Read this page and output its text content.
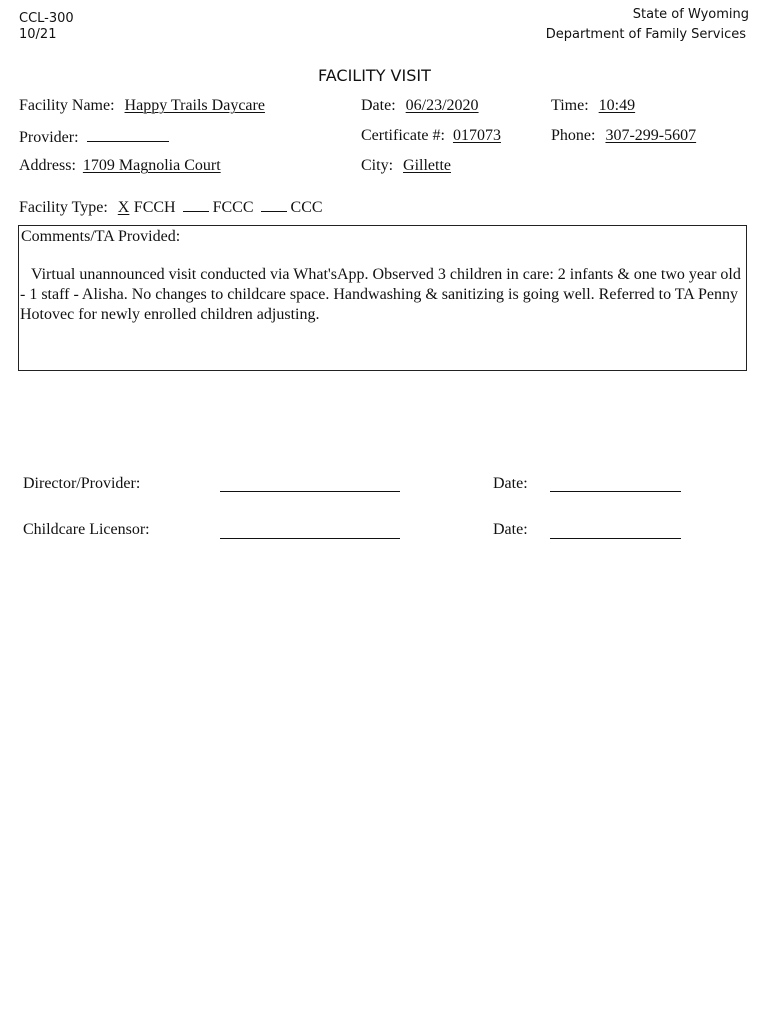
CCL-300
10/21
State of Wyoming
Department of Family Services
FACILITY VISIT
Facility Name: Happy Trails Daycare	Date: 06/23/2020	Time: 10:49
Provider:	Certificate #: 017073	Phone: 307-299-5607
Address: 1709 Magnolia Court	City: Gillette
Facility Type: X FCCH FCCC CCC
Comments/TA Provided:
Virtual unannounced visit conducted via What'sApp. Observed 3 children in care: 2 infants & one two year old - 1 staff - Alisha. No changes to childcare space. Handwashing & sanitizing is going well. Referred to TA Penny Hotovec for newly enrolled children adjusting.
Director/Provider:	Date:
Childcare Licensor:	Date:
